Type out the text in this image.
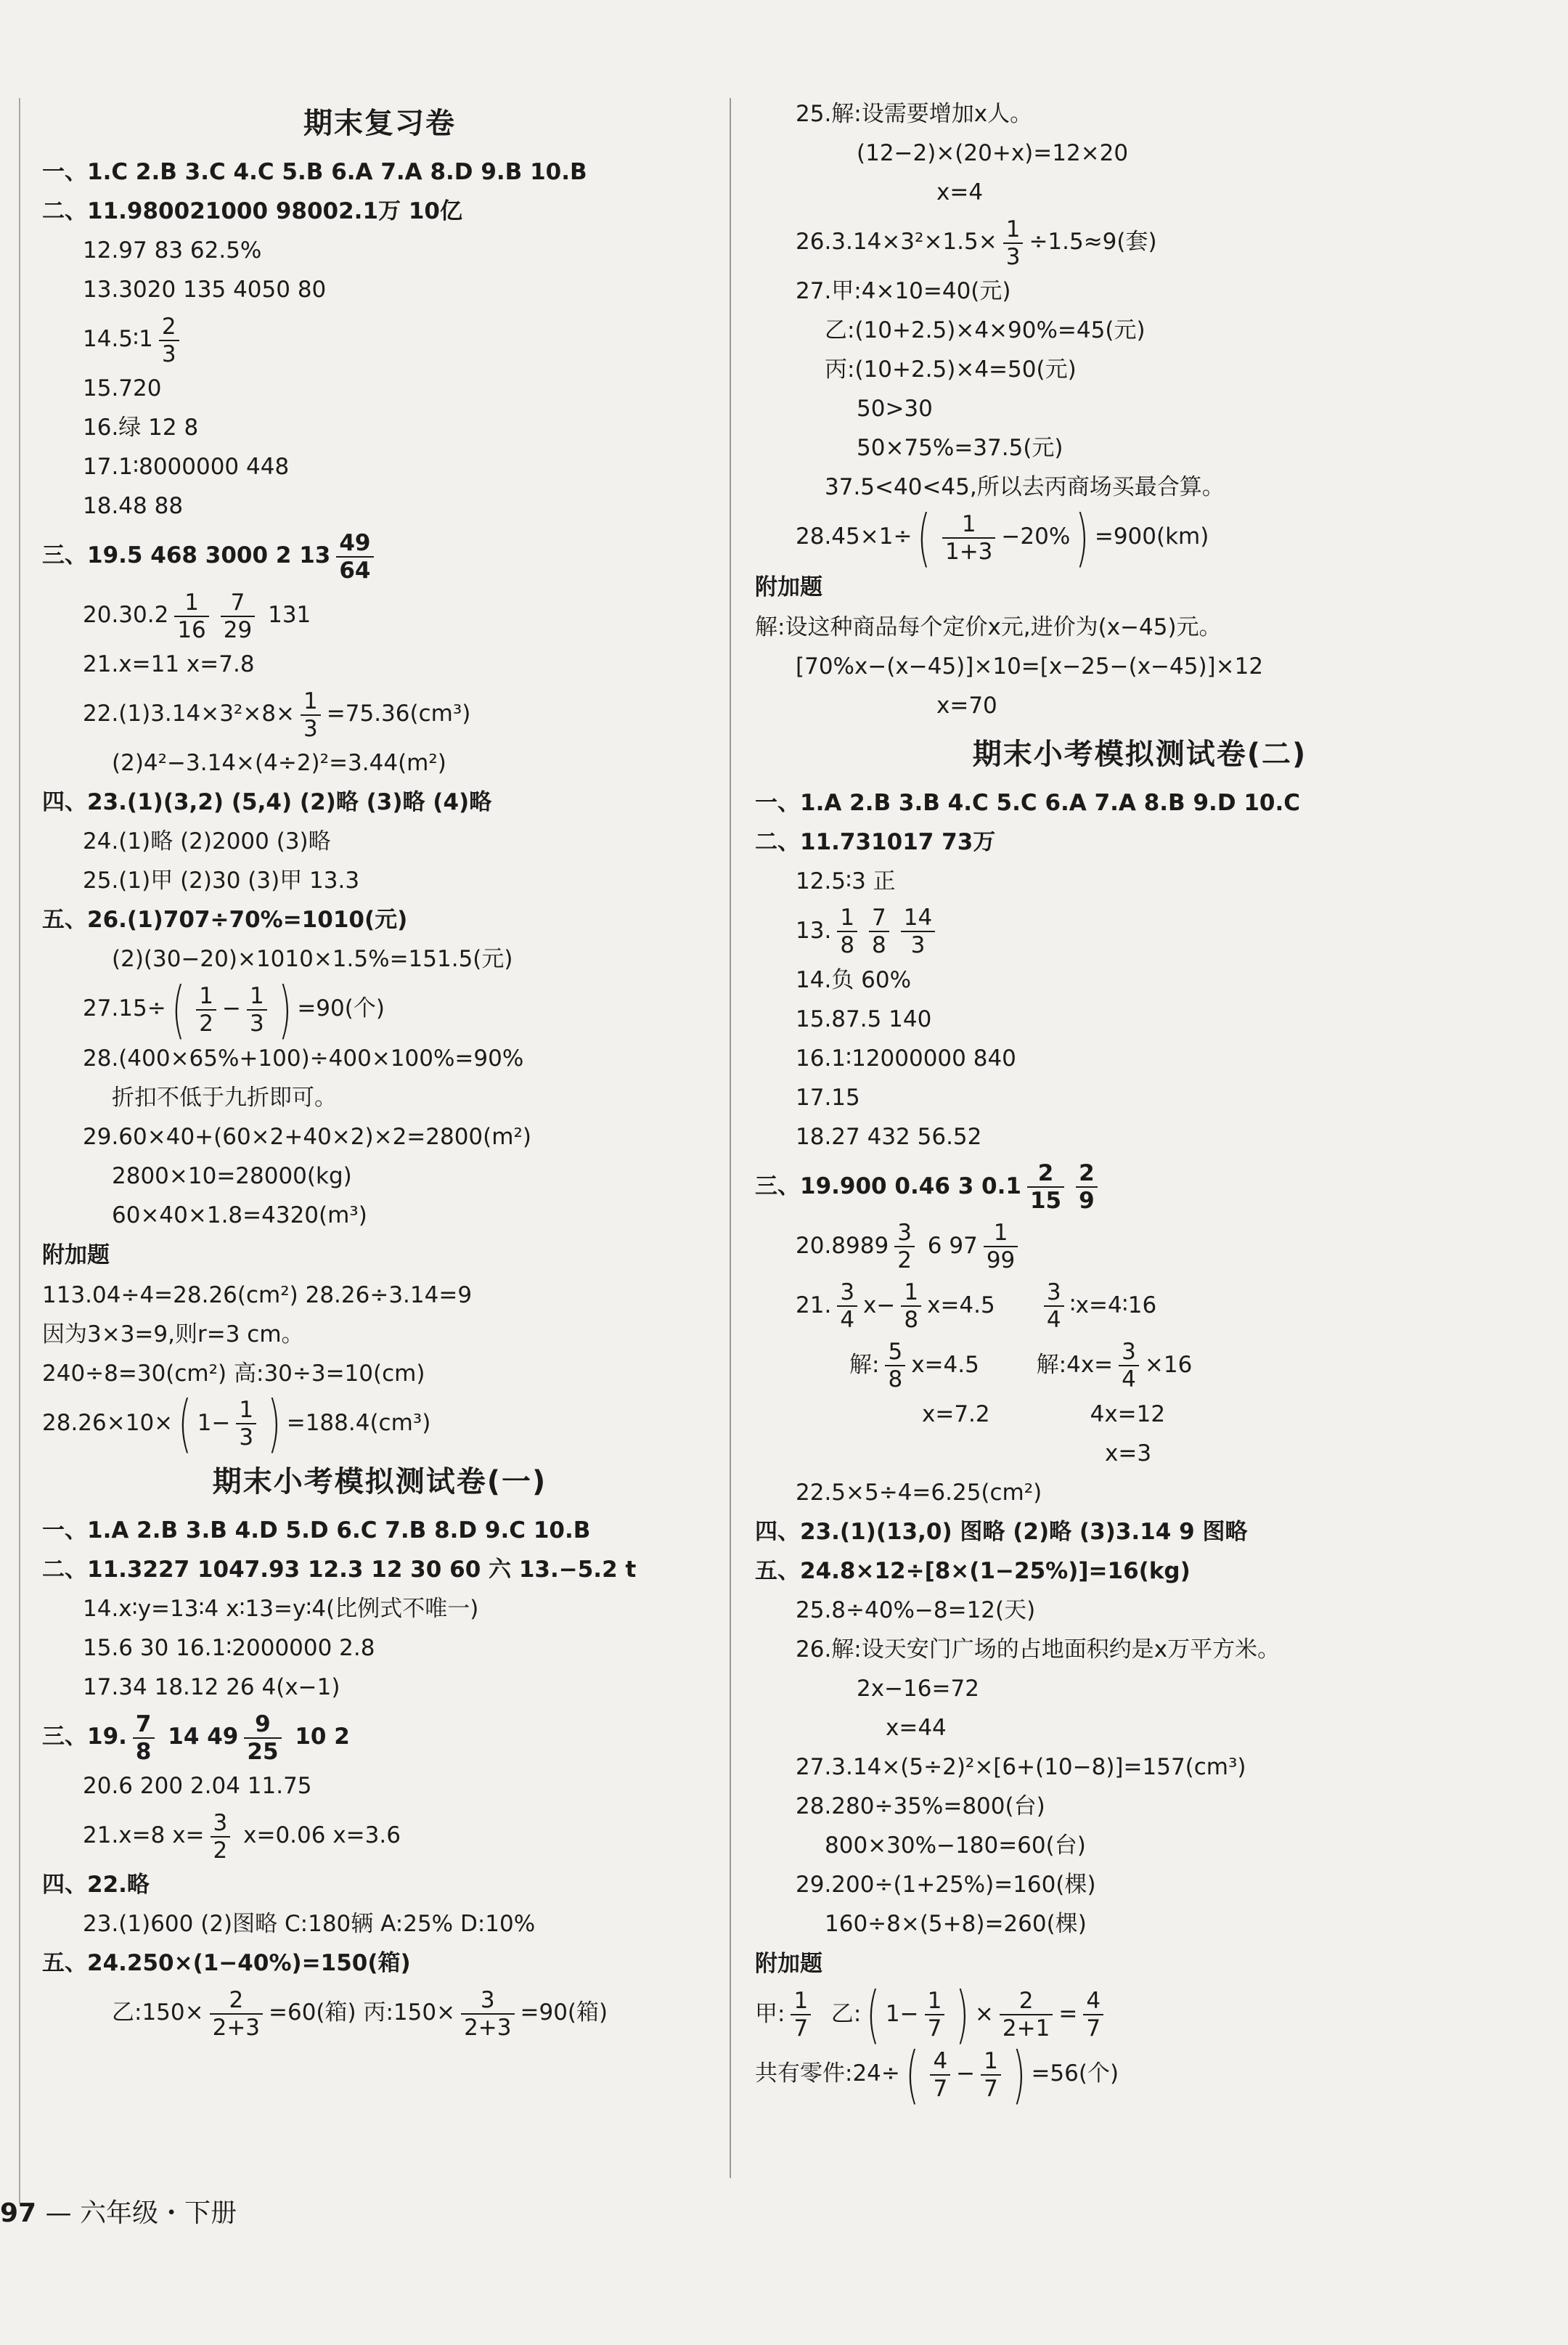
期末复习卷
一、1.C 2.B 3.C 4.C 5.B 6.A 7.A 8.D 9.B 10.B
二、11.980021000 98002.1万 10亿
12.97 83 62.5%
13.3020 135 4050 80
14.5∶1 $\frac{2}{3}$
15.720
16.绿 12 8
17.1∶8000000 448
18.48 88
三、19.5 468 3000 2 $13 \frac{49}{64}$
$20.30.2 \frac{1}{16} \frac{7}{29} 131$
21.x=11 x=7.8
$22.(1)3.14\times 3^2\times 8\times \frac{1}{3} =75.36(cm^3)$
(2)4²−3.14×(4÷2)²=3.44(m²)
四、23.(1)(3,2) (5,4) (2)略 (3)略 (4)略
24.(1)略 (2)2000 (3)略
25.(1)甲 (2)30 (3)甲 13.3
五、26.(1)707÷70%=1010(元)
(2)(30−20)×1010×1.5%=151.5(元)
$27.15\div( \frac{1}{2} - \frac{1}{3}$ ) =90(个)
28.(400×65%+100)÷400×100%=90%
折扣不低于九折即可。
29.60×40+(60×2+40×2)×2=2800(m²)
2800×10=28000(kg)
60×40×1.8=4320(m³)
附加题
113.04÷4=28.26(cm²) 28.26÷3.14=9
因为3×3=9,则r=3 cm。
240÷8=30(cm²) 高:30÷3=10(cm)
28.26×10×( $1- \frac{1}{3}$ ) =188.4(cm³)
期末小考模拟测试卷(一)
一、1.A 2.B 3.B 4.D 5.D 6.C 7.B 8.D 9.C 10.B
二、11.3227 1047.93 12.3 12 30 60 六 13.−5.2 t
14.x∶y=13∶4 x∶13=y∶4(比例式不唯一)
15.6 30 16.1∶2000000 2.8
17.34 18.12 26 4(x−1)
三、19. $\frac{7}{8} 14$ $49 \frac{9}{25} 10$ 2
20.6 200 2.04 11.75
21.x=8 $x= \frac{3}{2} x=0.06$ x=3.6
四、22.略
23.(1)600 (2)图略 C:180辆 A:25% D:10%
五、24.250×(1−40%)=150(箱)
乙:150× $\frac{2}{2+3} =60$(箱) 丙:150× $\frac{3}{2+3} =90$(箱)
25.解:设需要增加x人。
(12−2)×(20+x)=12×20
x=4
$26.3.14\times 3^2\times 1.5\times \frac{1}{3} \div 1.5\approx 9$(套)
27.甲:4×10=40(元)
乙:(10+2.5)×4×90%=45(元)
丙:(10+2.5)×4=50(元)
50>30
50×75%=37.5(元)
37.5<40<45,所以去丙商场买最合算。
$28.45\times 1\div( \frac{1}{1+3} -20\%) =900(km)$
附加题
解:设这种商品每个定价x元,进价为(x−45)元。
[70%x−(x−45)]×10=[x−25−(x−45)]×12
x=70
期末小考模拟测试卷(二)
一、1.A 2.B 3.B 4.C 5.C 6.A 7.A 8.B 9.D 10.C
二、11.731017 73万
12.5∶3 正
13. $\frac{1}{8} \frac{7}{8} \frac{14}{3}$
14.负 60%
15.87.5 140
16.1∶12000000 840
17.15
18.27 432 56.52
三、19.900 0.46 3 $0.1 \frac{2}{15} \frac{2}{9}$
$20.8989 \frac{3}{2} 6$ $97 \frac{1}{99}$
21. $\frac{3}{4} x- \frac{1}{8} x=4.5 \frac{3}{4}$ ∶x=4∶16
解: $\frac{5}{8} x=4.5$	解:4x= $\frac{3}{4} \times 16$
x=7.2	4x=12
x=3
22.5×5÷4=6.25(cm²)
四、23.(1)(13,0) 图略 (2)略 (3)3.14 9 图略
五、24.8×12÷[8×(1−25%)]=16(kg)
25.8÷40%−8=12(天)
26.解:设天安门广场的占地面积约是x万平方米。
2x−16=72
x=44
27.3.14×(5÷2)²×[6+(10−8)]=157(cm³)
28.280÷35%=800(台)
800×30%−180=60(台)
29.200÷(1+25%)=160(棵)
160÷8×(5+8)=260(棵)
附加题
甲: $\frac{1}{7}$ 乙:( $1- \frac{1}{7}$ ) × $\frac{2}{2+1} = \frac{4}{7}$
共有零件:24÷( $\frac{4}{7} - \frac{1}{7}$ ) =56(个)
97 — 六年级・下册
